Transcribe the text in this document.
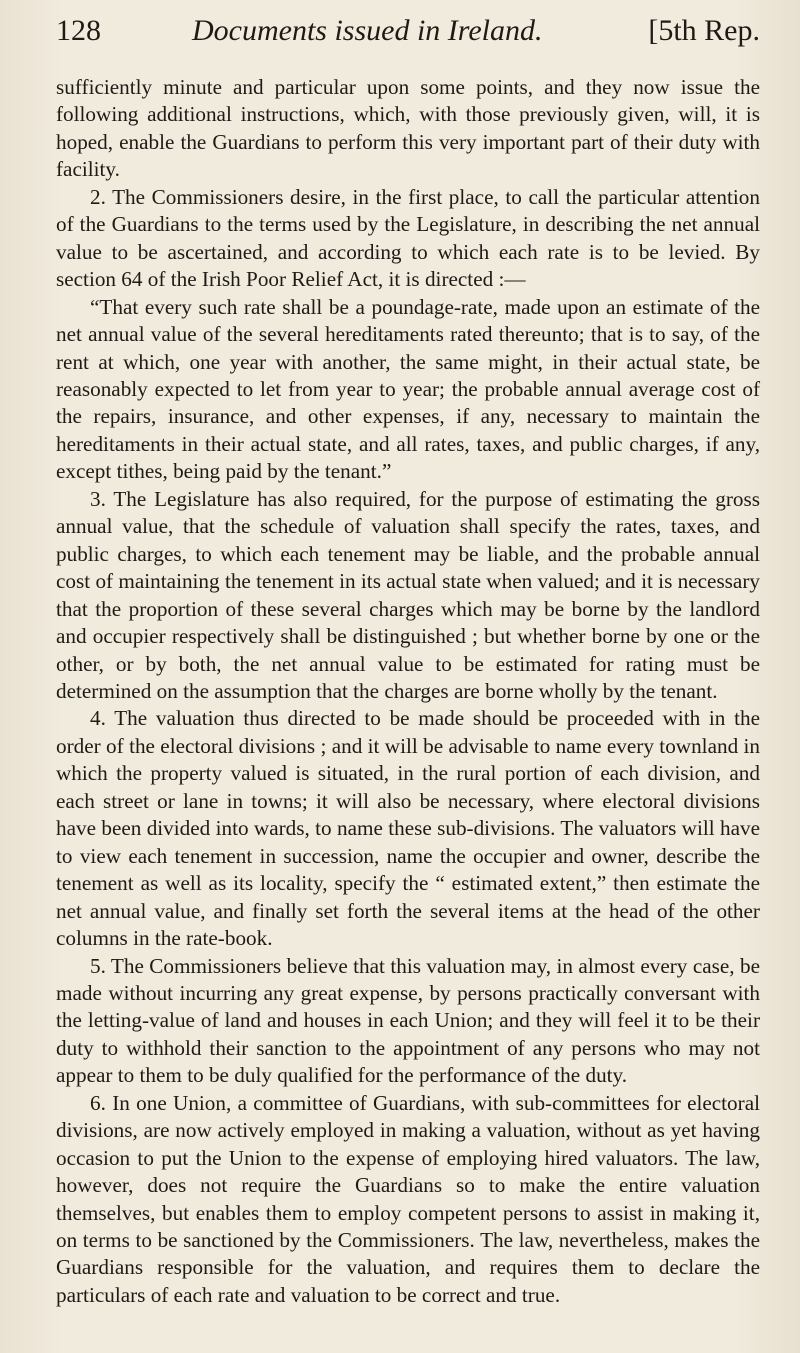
128	Documents issued in Ireland.	[5th Rep.

sufficiently minute and particular upon some points, and they now issue the following additional instructions, which, with those previously given, will, it is hoped, enable the Guardians to perform this very important part of their duty with facility.

2. The Commissioners desire, in the first place, to call the particular attention of the Guardians to the terms used by the Legislature, in describing the net annual value to be ascertained, and according to which each rate is to be levied. By section 64 of the Irish Poor Relief Act, it is directed :—

“That every such rate shall be a poundage-rate, made upon an estimate of the net annual value of the several hereditaments rated thereunto; that is to say, of the rent at which, one year with another, the same might, in their actual state, be reasonably expected to let from year to year; the probable annual average cost of the repairs, insurance, and other expenses, if any, necessary to maintain the hereditaments in their actual state, and all rates, taxes, and public charges, if any, except tithes, being paid by the tenant.”

3. The Legislature has also required, for the purpose of estimating the gross annual value, that the schedule of valuation shall specify the rates, taxes, and public charges, to which each tenement may be liable, and the probable annual cost of maintaining the tenement in its actual state when valued; and it is necessary that the proportion of these several charges which may be borne by the landlord and occupier respectively shall be distinguished ; but whether borne by one or the other, or by both, the net annual value to be estimated for rating must be determined on the assumption that the charges are borne wholly by the tenant.

4. The valuation thus directed to be made should be proceeded with in the order of the electoral divisions ; and it will be advisable to name every townland in which the property valued is situated, in the rural portion of each division, and each street or lane in towns; it will also be necessary, where electoral divisions have been divided into wards, to name these sub-divisions. The valuators will have to view each tenement in succession, name the occupier and owner, describe the tenement as well as its locality, specify the “ estimated extent,” then estimate the net annual value, and finally set forth the several items at the head of the other columns in the rate-book.

5. The Commissioners believe that this valuation may, in almost every case, be made without incurring any great expense, by persons practically conversant with the letting-value of land and houses in each Union; and they will feel it to be their duty to withhold their sanction to the appointment of any persons who may not appear to them to be duly qualified for the performance of the duty.

6. In one Union, a committee of Guardians, with sub-committees for electoral divisions, are now actively employed in making a valuation, without as yet having occasion to put the Union to the expense of employing hired valuators. The law, however, does not require the Guardians so to make the entire valuation themselves, but enables them to employ competent persons to assist in making it, on terms to be sanctioned by the Commissioners. The law, nevertheless, makes the Guardians responsible for the valuation, and requires them to declare the particulars of each rate and valuation to be correct and true.
